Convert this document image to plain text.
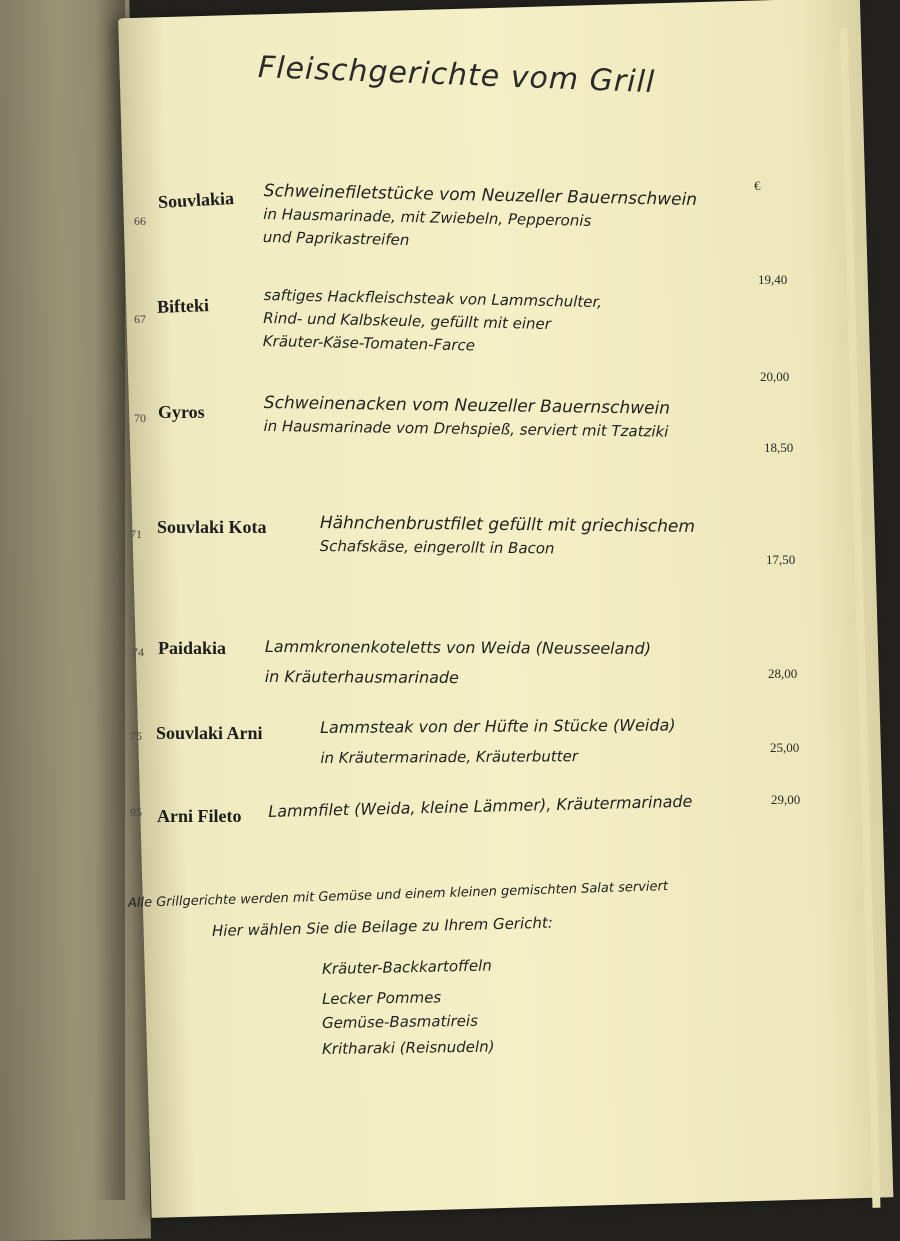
Fleischgerichte vom Grill
€
66
Souvlakia Schweinefiletstücke vom Neuzeller Bauernschwein
in Hausmarinade, mit Zwiebeln, Pepperonis
und Paprikastreifen
19,40
67
Bifteki	saftiges Hackfleischsteak von Lammschulter,
Rind- und Kalbskeule, gefüllt mit einer
Kräuter-Käse-Tomaten-Farce
20,00
70 Gyros	Schweinenacken vom Neuzeller Bauernschwein
in Hausmarinade vom Drehspieß, serviert mit Tzatziki
18,50
71 Souvlaki Kota	Hähnchenbrustfilet gefüllt mit griechischem
Schafskäse, eingerollt in Bacon
17,50
74 Paidakia Lammkronenkoteletts von Weida (Neusseeland)
in Kräuterhausmarinade	28,00
75 Souvlaki Arni	Lammsteak von der Hüfte in Stücke (Weida)
in Kräutermarinade, Kräuterbutter	25,00
95 Arni Fileto Lammfilet (Weida, kleine Lämmer), Kräutermarinade	29,00
Alle Grillgerichte werden mit Gemüse und einem kleinen gemischten Salat serviert
Hier wählen Sie die Beilage zu Ihrem Gericht:
Kräuter-Backkartoffeln
Lecker Pommes
Gemüse-Basmatireis
Kritharaki (Reisnudeln)
